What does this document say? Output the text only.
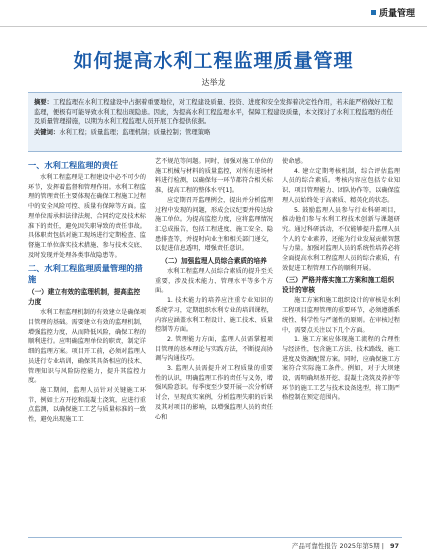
质量管理
如何提高水利工程监理质量管理
达举龙
摘要：工程监理在水利工程建设中占据着重要地位，对工程建设质量、投资、进度和安全发挥着决定性作用，若未能严格做好工程监理，便极有可能导致水利工程出现隐患。因此，为提高水利工程监理水平，保障工程建设质量，本文探讨了水利工程监理的责任及质量管理措施，以期为水利工程监理人员开展工作提供依据。
关键词：水利工程；质量监理；监理机制；质量控制；管理策略
一、水利工程监理的责任

水利工程监理是工程建设中必不可少的环节，发挥着监督和管理作用。水利工程监理的管理责任主要体现在确保工程施工过程中的安全风险可控、质量有保障等方面。监理单位需承担法律法规、合同约定及技术标准下的责任，避免因失职导致的责任事故。具体职责包括对施工现场进行定期检查、监督施工单位落实技术措施、参与技术交底、及时发现并处理各类事故隐患等。

二、水利工程监理质量管理的措施
（一）建立有效的监理机制，提高监控力度

水利工程监理机制的有效建立是确保项目管理的基础。需要建立有效的监理机制，增强监控力度，从而降低风险，确保工程的顺利进行。应明确监理单位的职责，制定详细的监理方案。项目开工前，必须对监理人员进行专业培训，确保其具备相应的技术、管理知识与风险防控能力，提升其监控力度。

施工期间，监理人员针对关键施工环节，例如土方开挖和混凝土浇筑，应进行重点监测，以确保施工工艺与质量标准的一致性，避免出现施工工

艺不规范等问题。同时，加强对施工单位的施工机械与材料的质量监控，对所有进场材料进行检测，以确保每一环节都符合相关标准，提高工程的整体水平[1]。

应定期召开监理例会，提出并分析监理过程中发现的问题，形成会议纪要并传达给施工单位。为提高监控力度，应将监理情况汇总成报告，包括工程进度、施工安全、隐患排查等，并提时向业主和相关部门递交，以促进信息透明，增强责任意识。

（二）加强监理人员综合素质的培养

水利工程监理人员综合素质的提升至关重要，涉及技术能力、管理水平等多个方面。

1. 技术能力的培养应注重专业知识的系统学习，定期组织水利专业的培训课程，内容应涵盖水利工程设计、施工技术、质量控制等方面。

2. 管理能力方面，监理人员需掌握项目管理的基本理论与实践方法，不断提高协调与沟通技巧。

3. 监理人员需提升对工程质量的重要性的认识，明确监理工作的责任与义务，增强风险意识。每季度至少要开展一次分析研讨会，呈现真实案例，分析监理失职的后果及其对项目的影响，以增强监理人员的责任心和

使命感。

4. 建立定期考核机制，综合评估监理人员的综合素质。考核内容应包括专业知识、项目管理能力、团队协作等，以确保监理人员始终处于高素质、精英化的状态。

5. 鼓励监理人员参与行业科研项目，推动他们参与水利工程技术创新与课题研究。通过科研活动，不仅能够提升监理人员个人的专业素养，还能为行业发展贡献智慧与力量。加强对监理人员的系统性培养必将全面提高水利工程监理人员的综合素质，有效促进工程管理工作的顺利开展。

（三）严格并落实施工方案和施工组织设计的审核

施工方案和施工组织设计的审核是水利工程项目监理管理的重要环节，必须遵循系统性、科学性与严谨性的原则。在审核过程中，需要点关注以下几个方面。

1. 施工方案应体现施工流程的合理性与经济性，包含施工方法、技术路线、施工进度及资源配置方案。同时，应确保施工方案符合实际施工条件。例如，对于大坝建设，需明确坝基开挖、混凝土浇筑及养护等环节的施工工艺与技术设备选型，将工期严格控制在预定范围内。

产品可靠性报告 2025年第5期 | 97
